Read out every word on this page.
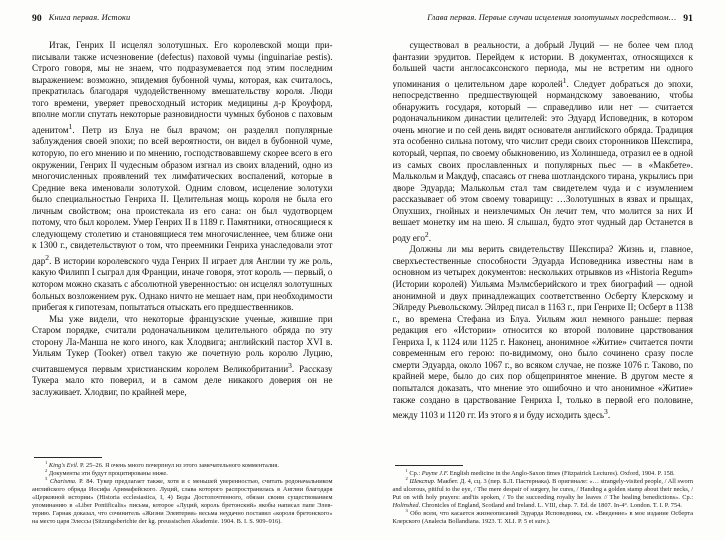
90 Книга первая. Истоки

Итак, Генрих II исцелял золотушных. Его королевской мощи приписывали также исчезновение (defectus) паховой чумы (inguinariae pestis). Строго говоря, мы не знаем, что подразумевается под этим последним выражением: возможно, эпидемия бубонной чумы, которая, как считалось, прекратилась благодаря чудодейственному вмешательству короля. Люди того времени, уверяет превосходный историк медицины д-р Кроуфорд, вполне могли спутать некоторые разновидности чумных бубонов с паховым аденитом$^1$. Петр из Блуа не был врачом; он разделял популярные заблуждения своей эпохи; по всей вероятности, он видел в бубонной чуме, которую, по его мнению и по мнению, господствовавшему скорее всего в его окружении, Генрих II чудесным образом изгнал из своих владений, одно из многочисленных проявлений тех лимфатических воспалений, которые в Средние века именовали золотухой. Одним словом, исцеление золотухи было специальностью Генриха II. Целительная мощь короля не была его личным свойством; она проистекала из его сана: он был чудотворцем потому, что был королем. Умер Генрих II в 1189 г. Памятники, относящиеся к следующему столетию и становящиеся тем многочисленнее, чем ближе они к 1300 г., свидетельствуют о том, что преемники Генриха унаследовали этот дар$^2$. В истории королевского чуда Генрих II играет для Англии ту же роль, какую Филипп I сыграл для Франции, иначе говоря, этот король — первый, о котором можно сказать с абсолютной уверенностью: он исцелял золотушных больных возложением рук. Однако ничто не мешает нам, при необходимости прибегая к гипотезам, попытаться отыскать его предшественников.

Мы уже видели, что некоторые французские ученые, жившие при Старом порядке, считали родоначальником целительного обряда по эту сторону Ла-Манша не кого иного, как Хлодвига; английский пастор XVI в. Уильям Тукер (Tooker) отвел такую же почетную роль королю Луцию, считавшемуся первым христианским королем Великобритании$^3$. Рассказу Тукера мало кто поверил, и в самом деле никакого доверия он не заслуживает. Хлодвиг, по крайней мере,

$^1$ King's Evil. P. 25–26. Я очень много почерпнул из этого замечательного комменталия.

$^2$ Документы эти будут процитированы ниже.

$^3$ Charisma. P. 84. Тукер предлагает также, хотя и с меньшей уверенностью, считать родоначальником английского обряда Иосифа Аримафейского. Луций, слава которого распространилась в Англии благодаря «Церковной истории» (Historia ecclesiastica, I, 4) Беды Достопочтенного, обязан своим существованием упоминанию в «Liber Pontificalis» письма, которое «Луций, король бретонский» якобы написал папе Элевтерию. Гарнак доказал, что сочинитель «Жизни Элевтерия» весьма неудачно поставил «короля бретонского» на место царя Элессы (Sitzungsberichte der kg. preussischen Akademie. 1904. B. I. S. 909–916).

Глава первая. Первые случаи исцеления золотушных посредством… 91

существовал в реальности, а добрый Луций — не более чем плод фантазии эрудитов. Перейдем к истории. В документах, относящихся к большей части англосаксонского периода, мы не встретим ни одного упоминания о целительном даре королей$^1$. Следует добраться до эпохи, непосредственно предшествующей нормандскому завоеванию, чтобы обнаружить государя, который — справедливо или нет — считается родоначальником династии целителей: это Эдуард Исповедник, в котором очень многие и по сей день видят основателя английского обряда. Традиция эта особенно сильна потому, что числит среди своих сторонников Шекспира, который, черпая, по своему обыкновению, из Холиншеда, отразил ее в одной из самых своих прославленных и популярных пьес — в «Макбете». Малькольм и Макдуф, спасаясь от гнева шотландского тирана, укрылись при дворе Эдуарда; Малькольм стал там свидетелем чуда и с изумлением рассказывает об этом своему товарищу: …Золотушных в язвах и прыщах, Опухших, гнойных и неизлечимых Он лечит тем, что молится за них И вешает монетку им на шею. Я слышал, будто этот чудный дар Останется в роду его$^2$.

Должны ли мы верить свидетельству Шекспира? Жизнь и, главное, сверхъестественные способности Эдуарда Исповедника известны нам в основном из четырех документов: нескольких отрывков из «Historia Regum» (Истории королей) Уильяма Мэлмсберийского и трех биографий — одной анонимной и двух принадлежащих соответственно Осберту Клерскому и Эйлреду Рьевольскому. Эйлред писал в 1163 г., при Генрихе II; Осберт в 1138 г., во времена Стефана из Блуа. Уильям жил немного раньше: первая редакция его «Истории» относится ко второй половине царствования Генриха I, к 1124 или 1125 г. Наконец, анонимное «Житие» считается почти современным его герою: по-видимому, оно было сочинено сразу после смерти Эдуарда, около 1067 г., во всяком случае, не позже 1076 г. Таково, по крайней мере, было до сих пор общепринятое мнение. В другом месте я попытался доказать, что мнение это ошибочно и что анонимное «Житие» также создано в царствование Генриха I, только в первой его половине, между 1103 и 1120 гг. Из этого я и буду исходить здесь$^3$.

$^1$ Ср.: Payne J.F. English medicine in the Anglo-Saxon times (Fitzpatrick Lectures). Oxford, 1904. P. 158.

$^2$ Шекспир. Макбет. Д. 4, сц. 3 (пер. Б.Л. Пастернака). В оригинале: «… strangely-visited people, / All sworn and ulcerous, pitiful to the eye, / The mere despair of surgery, he cures, / Handing a golden stamp about their necks, / Put on with holy prayers: and'tis spoken, / To the succeeding royalty he leaves // The healing benedictions». Ср.: Holinshed. Chronicles of England, Scotland and Ireland. L. VIII, chap. 7. Ed. de 1807. In-4°. London. T. I. P. 754.

$^3$ Обо всем, что касается жизнеописаний Эдуарда Исповедника, см. «Введение» в мое издание Осберта Клерского (Analecta Bollandiana. 1923. T. XLI. P. 5 et suiv.).
